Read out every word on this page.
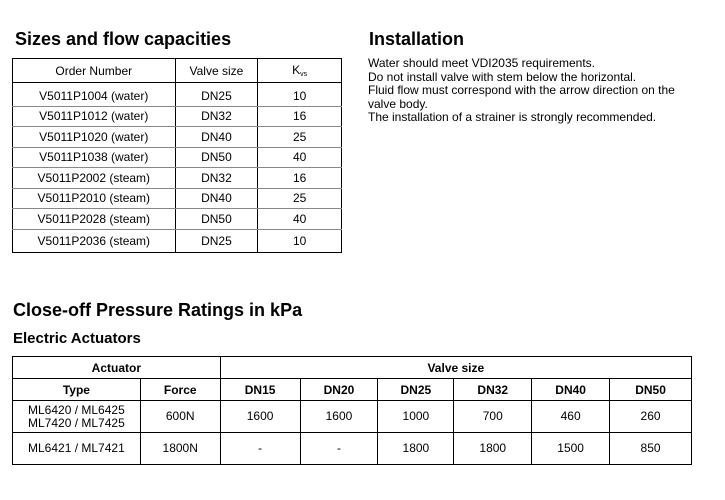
Sizes and flow capacities
Order Number	Valve size	$K_{vs}$

V5011P1004 (water)	DN25	10
V5011P1012 (water)	DN32	16
V5011P1020 (water)	DN40	25
V5011P1038 (water)	DN50	40
V5011P2002 (steam)	DN32	16
V5011P2010 (steam)	DN40	25
V5011P2028 (steam)	DN50	40
V5011P2036 (steam)	DN25	10
Installation

Water should meet VDI2035 requirements.

Do not install valve with stem below the horizontal.

Fluid flow must correspond with the arrow direction on the valve body.

The installation of a strainer is strongly recommended.

Close-off Pressure Ratings in kPa
Electric Actuators
Actuator		Valve size					
Type	Force	DN15	DN20	DN25	DN32	DN40	DN50

ML6420 / ML6425
ML7420 / ML7425	600N	1600	1600	1000	700	460	260
ML6421 / ML7421	1800N	-	-	1800	1800	1500	850
